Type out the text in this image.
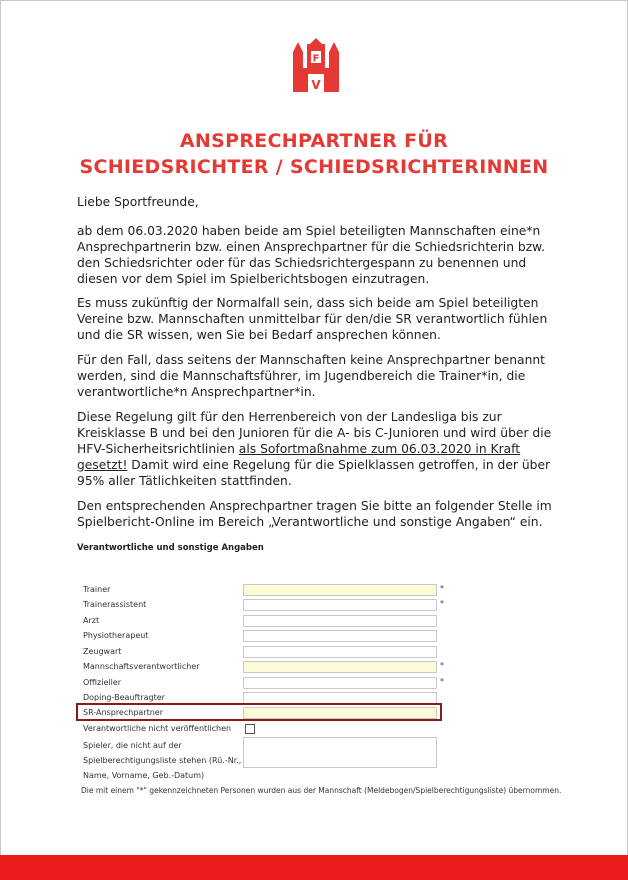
F
V
ANSPRECHPARTNER FÜR
SCHIEDSRICHTER / SCHIEDSRICHTERINNEN
Liebe Sportfreunde,

ab dem 06.03.2020 haben beide am Spiel beteiligten Mannschaften eine*n Ansprechpartnerin bzw. einen Ansprechpartner für die Schiedsrichterin bzw. den Schiedsrichter oder für das Schiedsrichtergespann zu benennen und diesen vor dem Spiel im Spielberichtsbogen einzutragen.

Es muss zukünftig der Normalfall sein, dass sich beide am Spiel beteiligten Vereine bzw. Mannschaften unmittelbar für den/die SR verantwortlich fühlen und die SR wissen, wen Sie bei Bedarf ansprechen können.

Für den Fall, dass seitens der Mannschaften keine Ansprechpartner benannt werden, sind die Mannschaftsführer, im Jugendbereich die Trainer*in, die verantwortliche*n Ansprechpartner*in.

Diese Regelung gilt für den Herrenbereich von der Landesliga bis zur Kreisklasse B und bei den Junioren für die A- bis C-Junioren und wird über die HFV-Sicherheitsrichtlinien als Sofortmaßnahme zum 06.03.2020 in Kraft gesetzt! Damit wird eine Regelung für die Spielklassen getroffen, in der über 95% aller Tätlichkeiten stattfinden.

Den entsprechenden Ansprechpartner tragen Sie bitte an folgender Stelle im Spielbericht-Online im Bereich „Verantwortliche und sonstige Angaben“ ein.

Verantwortliche und sonstige Angaben
Trainer	*
Trainerassistent	*
Arzt
Physiotherapeut
Zeugwart
Mannschaftsverantwortlicher	*
Offizieller	*
Doping-Beauftragter
SR-Ansprechpartner
Verantwortliche nicht veröffentlichen
Spieler, die nicht auf der
Spielberechtigungsliste stehen (Rü.-Nr.,
Name, Vorname, Geb.-Datum)
Die mit einem "*" gekennzeichneten Personen wurden aus der Mannschaft (Meldebogen/Spielberechtigungsliste) übernommen.
